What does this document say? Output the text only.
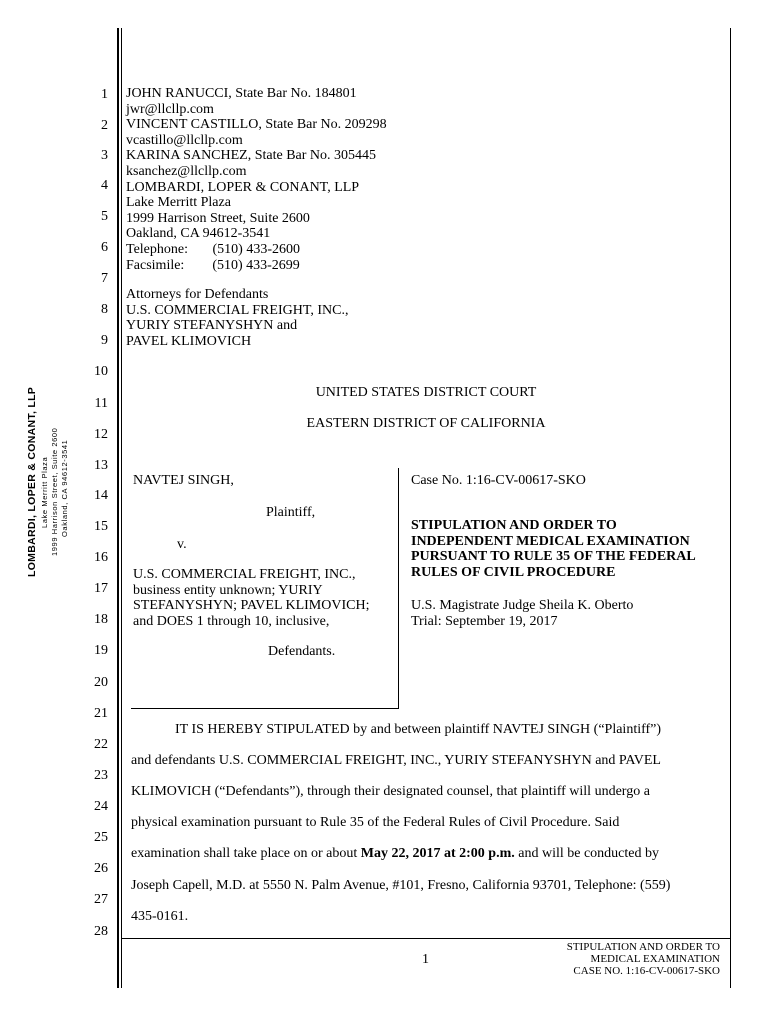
LOMBARDI, LOPER & CONANT, LLP Lake Merritt Plaza 1999 Harrison Street, Suite 2600 Oakland, CA 94612-3541
1
2
3
4
5
6
7
8
9
10
11
12
13
14
15
16
17
18
19
20
21
22
23
24
25
26
27
28
JOHN RANUCCI, State Bar No. 184801
jwr@llcllp.com
VINCENT CASTILLO, State Bar No. 209298
vcastillo@llcllp.com
KARINA SANCHEZ, State Bar No. 305445
ksanchez@llcllp.com
LOMBARDI, LOPER & CONANT, LLP
Lake Merritt Plaza
1999 Harrison Street, Suite 2600
Oakland, CA 94612-3541
Telephone:       (510) 433-2600
Facsimile:        (510) 433-2699
Attorneys for Defendants
U.S. COMMERCIAL FREIGHT, INC.,
YURIY STEFANYSHYN and
PAVEL KLIMOVICH
UNITED STATES DISTRICT COURT
EASTERN DISTRICT OF CALIFORNIA
NAVTEJ SINGH,
Plaintiff,
v.
U.S. COMMERCIAL FREIGHT, INC.,
business entity unknown; YURIY
STEFANYSHYN; PAVEL KLIMOVICH;
and DOES 1 through 10, inclusive,
Defendants.
Case No. 1:16-CV-00617-SKO
STIPULATION AND ORDER TO
INDEPENDENT MEDICAL EXAMINATION
PURSUANT TO RULE 35 OF THE FEDERAL
RULES OF CIVIL PROCEDURE
U.S. Magistrate Judge Sheila K. Oberto
Trial: September 19, 2017
IT IS HEREBY STIPULATED by and between plaintiff NAVTEJ SINGH (“Plaintiff”)
and defendants U.S. COMMERCIAL FREIGHT, INC., YURIY STEFANYSHYN and PAVEL
KLIMOVICH (“Defendants”), through their designated counsel, that plaintiff will undergo a
physical examination pursuant to Rule 35 of the Federal Rules of Civil Procedure. Said
examination shall take place on or about May 22, 2017 at 2:00 p.m. and will be conducted by
Joseph Capell, M.D. at 5550 N. Palm Avenue, #101, Fresno, California 93701, Telephone: (559)
435-0161.
1
STIPULATION AND ORDER TO
MEDICAL EXAMINATION
CASE NO. 1:16-CV-00617-SKO
